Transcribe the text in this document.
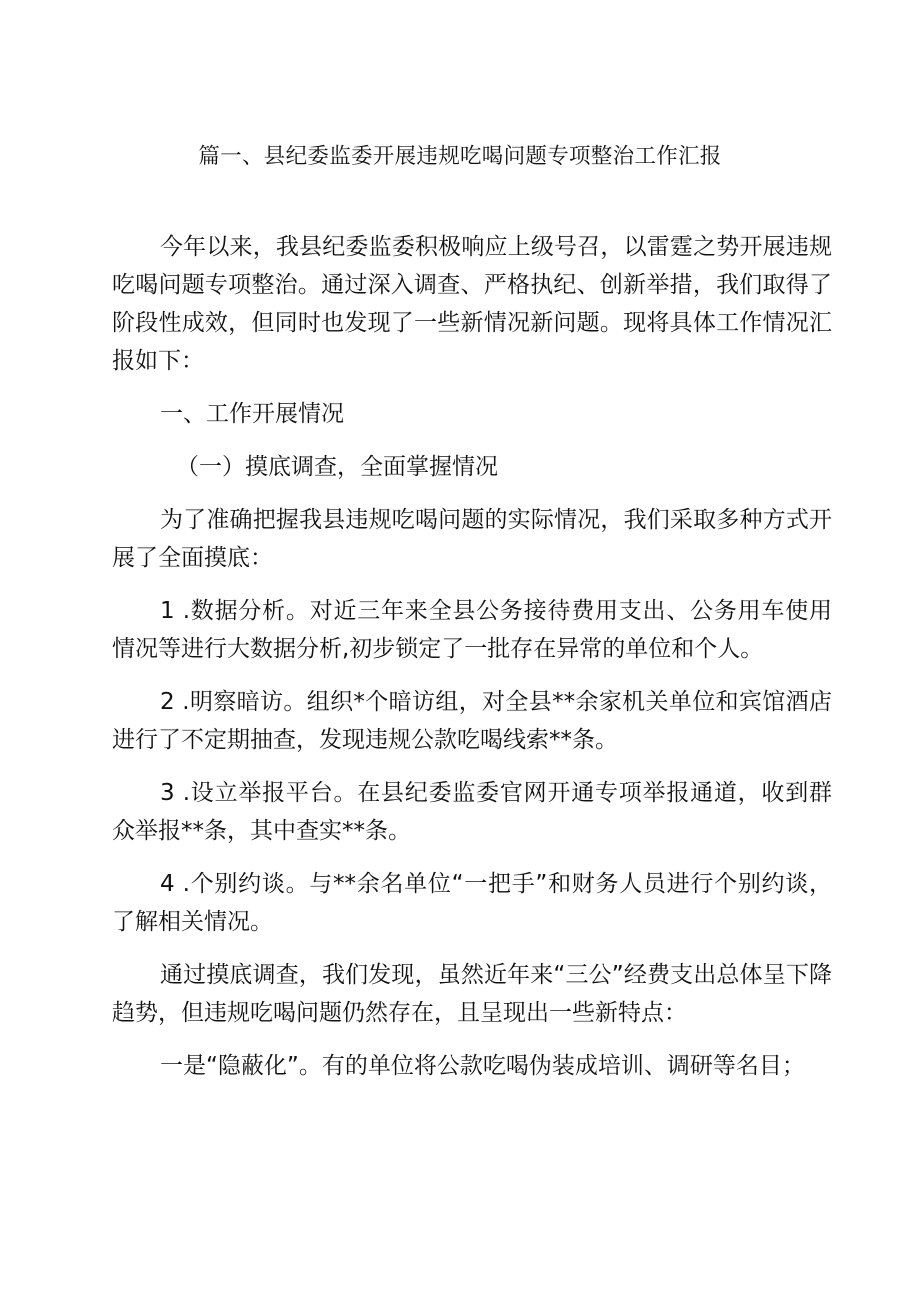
篇一、县纪委监委开展违规吃喝问题专项整治工作汇报

今年以来，我县纪委监委积极响应上级号召，以雷霆之势开展违规吃喝问题专项整治。通过深入调查、严格执纪、创新举措，我们取得了阶段性成效，但同时也发现了一些新情况新问题。现将具体工作情况汇报如下：

一、工作开展情况

（一）摸底调查，全面掌握情况

为了准确把握我县违规吃喝问题的实际情况，我们采取多种方式开展了全面摸底：

1 .数据分析。对近三年来全县公务接待费用支出、公务用车使用情况等进行大数据分析,初步锁定了一批存在异常的单位和个人。

2 .明察暗访。组织*个暗访组，对全县**余家机关单位和宾馆酒店进行了不定期抽查，发现违规公款吃喝线索**条。

3 .设立举报平台。在县纪委监委官网开通专项举报通道，收到群众举报**条，其中查实**条。

4 .个别约谈。与**余名单位“一把手”和财务人员进行个别约谈，了解相关情况。

通过摸底调查，我们发现，虽然近年来“三公”经费支出总体呈下降趋势，但违规吃喝问题仍然存在，且呈现出一些新特点：

一是“隐蔽化”。有的单位将公款吃喝伪装成培训、调研等名目；
